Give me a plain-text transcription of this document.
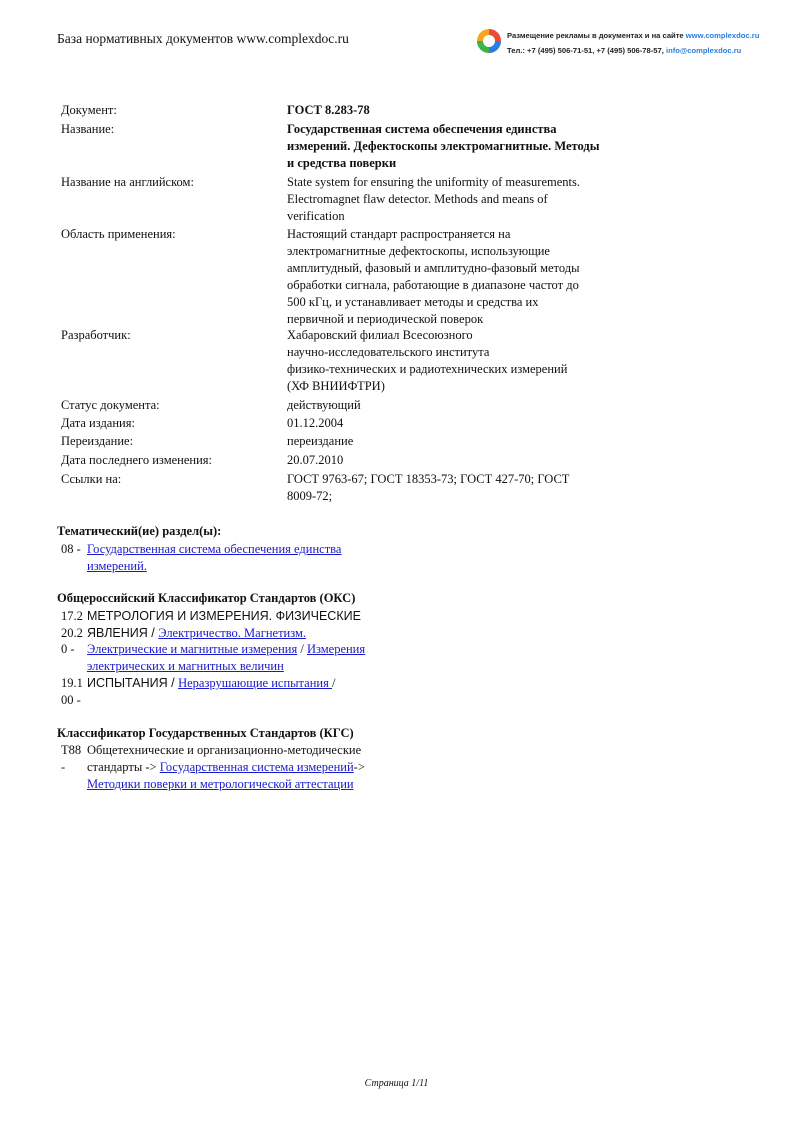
База нормативных документов www.complexdoc.ru	Размещение рекламы в документах и на сайте www.complexdoc.ru
Тел.: +7 (495) 506-71-51, +7 (495) 506-78-57, info@complexdoc.ru
Документ:	ГОСТ 8.283-78
Название:	Государственная система обеспечения единства
измерений. Дефектоскопы электромагнитные. Методы
и средства поверки
Название на английском:	State system for ensuring the uniformity of measurements.
Electromagnet flaw detector. Methods and means of
verification
Область применения:	Настоящий стандарт распространяется на
электромагнитные дефектоскопы, использующие
амплитудный, фазовый и амплитудно-фазовый методы
обработки сигнала, работающие в диапазоне частот до
500 кГц, и устанавливает методы и средства их
первичной и периодической поверок
Разработчик:	Хабаровский филиал Всесоюзного
научно-исследовательского института
физико-технических и радиотехнических измерений
(ХФ ВНИИФТРИ)
Статус документа:	действующий
Дата издания:	01.12.2004
Переиздание:	переиздание
Дата последнего изменения:	20.07.2010
Ссылки на:	ГОСТ 9763-67; ГОСТ 18353-73; ГОСТ 427-70; ГОСТ
8009-72;
Тематический(ие) раздел(ы):
08 - Государственная система обеспечения единства
измерений.
Общероссийский Классификатор Стандартов (ОКС)
17.2 МЕТРОЛОГИЯ И ИЗМЕРЕНИЯ. ФИЗИЧЕСКИЕ
20.2 ЯВЛЕНИЯ / Электричество. Магнетизм.
0 - Электрические и магнитные измерения / Измерения
электрических и магнитных величин
19.1 ИСПЫТАНИЯ / Неразрушающие испытания /
00 -
Классификатор Государственных Стандартов (КГС)
T88 Общетехнические и организационно-методические
- стандарты -> Государственная система измерений->
Методики поверки и метрологической аттестации
Страница 1/11
